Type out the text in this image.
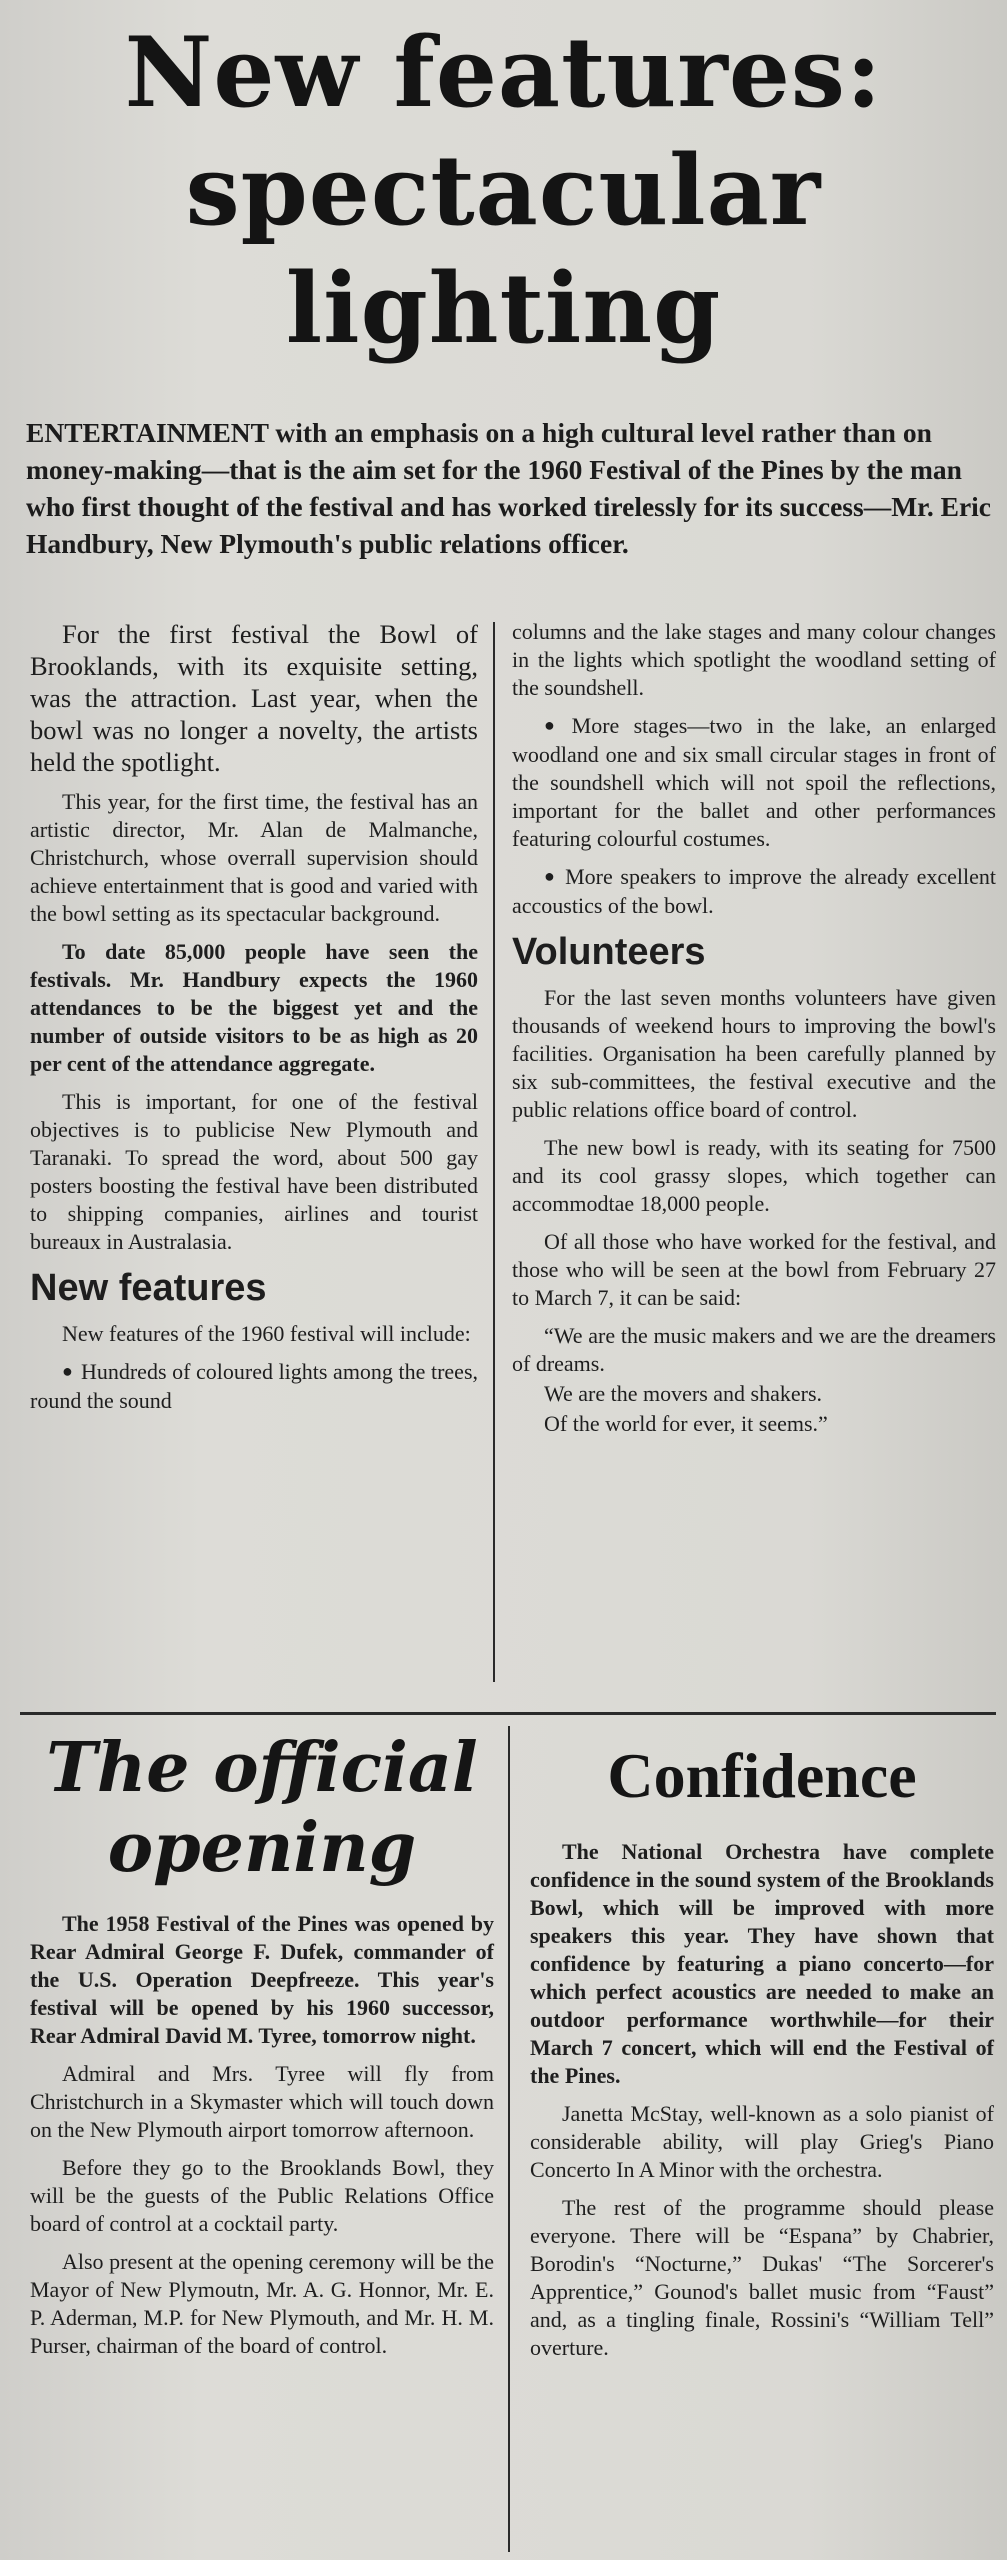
New features:
spectacular
lighting

ENTERTAINMENT with an emphasis on a high cultural level rather than on money-making—that is the aim set for the 1960 Festival of the Pines by the man who first thought of the festival and has worked tirelessly for its success—Mr. Eric Handbury, New Plymouth's public relations officer.

For the first festival the Bowl of Brooklands, with its exquisite setting, was the attraction. Last year, when the bowl was no longer a novelty, the artists held the spotlight.

This year, for the first time, the festival has an artistic director, Mr. Alan de Malmanche, Christchurch, whose overrall supervision should achieve entertainment that is good and varied with the bowl setting as its spectacular background.

To date 85,000 people have seen the festivals. Mr. Handbury expects the 1960 attendances to be the biggest yet and the number of outside visitors to be as high as 20 per cent of the attendance aggregate.

This is important, for one of the festival objectives is to publicise New Plymouth and Taranaki. To spread the word, about 500 gay posters boosting the festival have been distributed to shipping companies, airlines and tourist bureaux in Australasia.

New features

New features of the 1960 festival will include:

● Hundreds of coloured lights among the trees, round the sound

columns and the lake stages and many colour changes in the lights which spotlight the woodland setting of the soundshell.

● More stages—two in the lake, an enlarged woodland one and six small circular stages in front of the soundshell which will not spoil the reflections, important for the ballet and other performances featuring colourful costumes.

● More speakers to improve the already excellent accoustics of the bowl.

Volunteers

For the last seven months volunteers have given thousands of weekend hours to improving the bowl's facilities. Organisation ha been carefully planned by six sub-committees, the festival executive and the public relations office board of control.

The new bowl is ready, with its seating for 7500 and its cool grassy slopes, which together can accommodtae 18,000 people.

Of all those who have worked for the festival, and those who will be seen at the bowl from February 27 to March 7, it can be said:

“We are the music makers and we are the dreamers of dreams.

We are the movers and shakers.

Of the world for ever, it seems.”

The official
opening

The 1958 Festival of the Pines was opened by Rear Admiral George F. Dufek, commander of the U.S. Operation Deepfreeze. This year's festival will be opened by his 1960 successor, Rear Admiral David M. Tyree, tomorrow night.

Admiral and Mrs. Tyree will fly from Christchurch in a Skymaster which will touch down on the New Plymouth airport tomorrow afternoon.

Before they go to the Brooklands Bowl, they will be the guests of the Public Relations Office board of control at a cocktail party.

Also present at the opening ceremony will be the Mayor of New Plymoutn, Mr. A. G. Honnor, Mr. E. P. Aderman, M.P. for New Plymouth, and Mr. H. M. Purser, chairman of the board of control.

Confidence

The National Orchestra have complete confidence in the sound system of the Brooklands Bowl, which will be improved with more speakers this year. They have shown that confidence by featuring a piano concerto—for which perfect acoustics are needed to make an outdoor performance worthwhile—for their March 7 concert, which will end the Festival of the Pines.

Janetta McStay, well-known as a solo pianist of considerable ability, will play Grieg's Piano Concerto In A Minor with the orchestra.

The rest of the programme should please everyone. There will be “Espana” by Chabrier, Borodin's “Nocturne,” Dukas' “The Sorcerer's Apprentice,” Gounod's ballet music from “Faust” and, as a tingling finale, Rossini's “William Tell” overture.
